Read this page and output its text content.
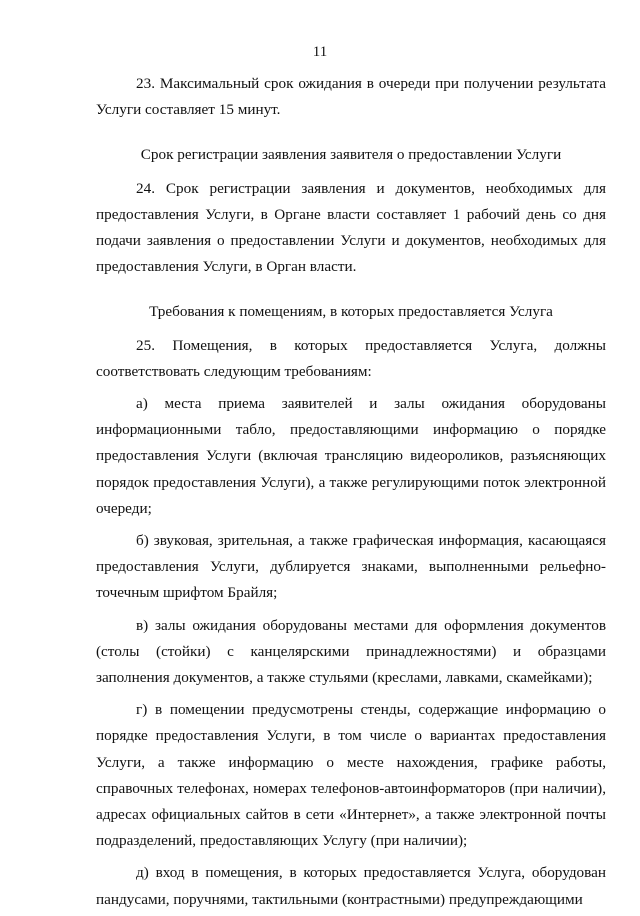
11

23. Максимальный срок ожидания в очереди при получении результата Услуги составляет 15 минут.

Срок регистрации заявления заявителя о предоставлении Услуги

24. Срок регистрации заявления и документов, необходимых для предоставления Услуги, в Органе власти составляет 1 рабочий день со дня подачи заявления о предоставлении Услуги и документов, необходимых для предоставления Услуги, в Орган власти.

Требования к помещениям, в которых предоставляется Услуга

25. Помещения, в которых предоставляется Услуга, должны соответствовать следующим требованиям:

а) места приема заявителей и залы ожидания оборудованы информационными табло, предоставляющими информацию о порядке предоставления Услуги (включая трансляцию видеороликов, разъясняющих порядок предоставления Услуги), а также регулирующими поток электронной очереди;

б) звуковая, зрительная, а также графическая информация, касающаяся предоставления Услуги, дублируется знаками, выполненными рельефно-точечным шрифтом Брайля;

в) залы ожидания оборудованы местами для оформления документов (столы (стойки) с канцелярскими принадлежностями) и образцами заполнения документов, а также стульями (креслами, лавками, скамейками);

г) в помещении предусмотрены стенды, содержащие информацию о порядке предоставления Услуги, в том числе о вариантах предоставления Услуги, а также информацию о месте нахождения, графике работы, справочных телефонах, номерах телефонов-автоинформаторов (при наличии), адресах официальных сайтов в сети «Интернет», а также электронной почты подразделений, предоставляющих Услугу (при наличии);

д) вход в помещения, в которых предоставляется Услуга, оборудован пандусами, поручнями, тактильными (контрастными) предупреждающими
